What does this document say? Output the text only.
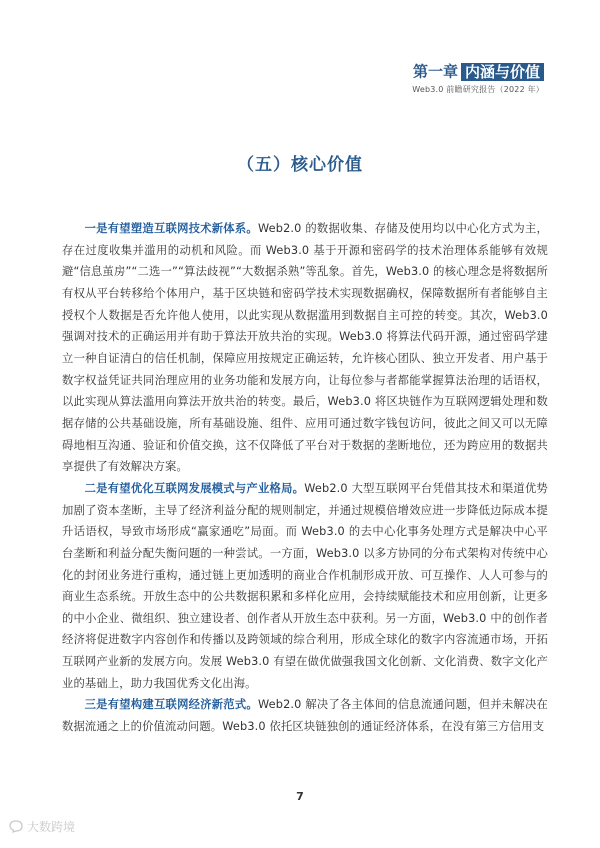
第一章 内涵与价值
Web3.0 前瞻研究报告（2022 年）
（五）核心价值

一是有望塑造互联网技术新体系。Web2.0 的数据收集、存储及使用均以中心化方式为主，存在过度收集并滥用的动机和风险。而 Web3.0 基于开源和密码学的技术治理体系能够有效规避“信息茧房”“二选一”“算法歧视”“大数据杀熟”等乱象。首先，Web3.0 的核心理念是将数据所有权从平台转移给个体用户，基于区块链和密码学技术实现数据确权，保障数据所有者能够自主授权个人数据是否允许他人使用，以此实现从数据滥用到数据自主可控的转变。其次，Web3.0 强调对技术的正确运用并有助于算法开放共治的实现。Web3.0 将算法代码开源，通过密码学建立一种自证清白的信任机制，保障应用按规定正确运转，允许核心团队、独立开发者、用户基于数字权益凭证共同治理应用的业务功能和发展方向，让每位参与者都能掌握算法治理的话语权，以此实现从算法滥用向算法开放共治的转变。最后，Web3.0 将区块链作为互联网逻辑处理和数据存储的公共基础设施，所有基础设施、组件、应用可通过数字钱包访问，彼此之间又可以无障碍地相互沟通、验证和价值交换，这不仅降低了平台对于数据的垄断地位，还为跨应用的数据共享提供了有效解决方案。

二是有望优化互联网发展模式与产业格局。Web2.0 大型互联网平台凭借其技术和渠道优势加剧了资本垄断，主导了经济利益分配的规则制定，并通过规模倍增效应进一步降低边际成本提升话语权，导致市场形成“赢家通吃”局面。而 Web3.0 的去中心化事务处理方式是解决中心平台垄断和利益分配失衡问题的一种尝试。一方面，Web3.0 以多方协同的分布式架构对传统中心化的封闭业务进行重构，通过链上更加透明的商业合作机制形成开放、可互操作、人人可参与的商业生态系统。开放生态中的公共数据积累和多样化应用，会持续赋能技术和应用创新，让更多的中小企业、微组织、独立建设者、创作者从开放生态中获利。另一方面，Web3.0 中的创作者经济将促进数字内容创作和传播以及跨领域的综合利用，形成全球化的数字内容流通市场，开拓互联网产业新的发展方向。发展 Web3.0 有望在做优做强我国文化创新、文化消费、数字文化产业的基础上，助力我国优秀文化出海。

三是有望构建互联网经济新范式。Web2.0 解决了各主体间的信息流通问题，但并未解决在数据流通之上的价值流动问题。Web3.0 依托区块链独创的通证经济体系，在没有第三方信用支

7
大数跨境
